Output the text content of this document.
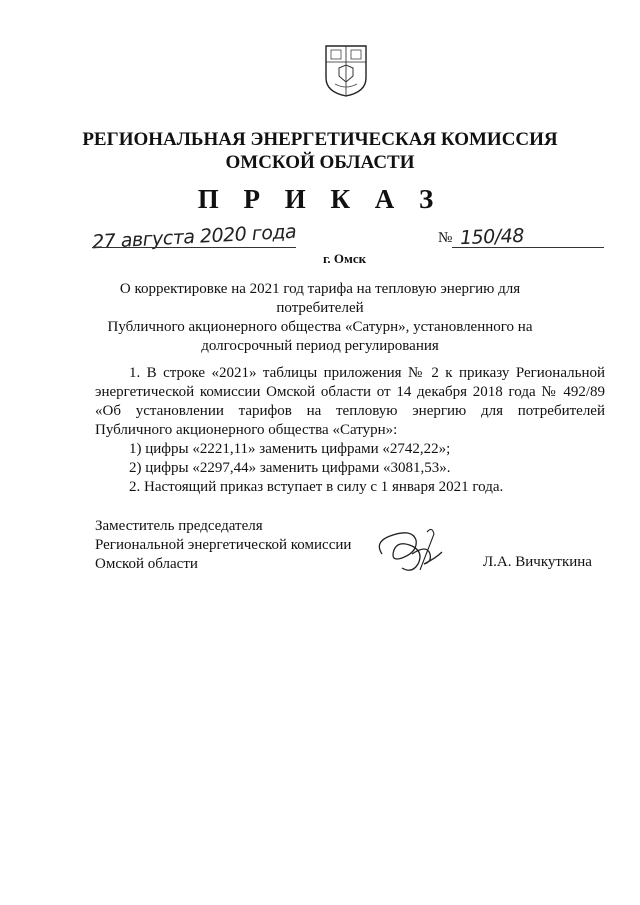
РЕГИОНАЛЬНАЯ ЭНЕРГЕТИЧЕСКАЯ КОМИССИЯ

ОМСКОЙ ОБЛАСТИ

П Р И К А З

27 августа 2020 года
г. Омск
№ 150/48
О корректировке на 2021 год тарифа на тепловую энергию для потребителей
Публичного акционерного общества «Сатурн», установленного на
долгосрочный период регулирования

1. В строке «2021» таблицы приложения № 2 к приказу Региональной

энергетической комиссии Омской области от 14 декабря 2018 года № 492/89

«Об установлении тарифов на тепловую энергию для потребителей

Публичного акционерного общества «Сатурн»:

1) цифры «2221,11» заменить цифрами «2742,22»;

2) цифры «2297,44» заменить цифрами «3081,53».

2. Настоящий приказ вступает в силу с 1 января 2021 года.

Заместитель председателя

Региональной энергетической комиссии

Омской области	Л.А. Вичкуткина
